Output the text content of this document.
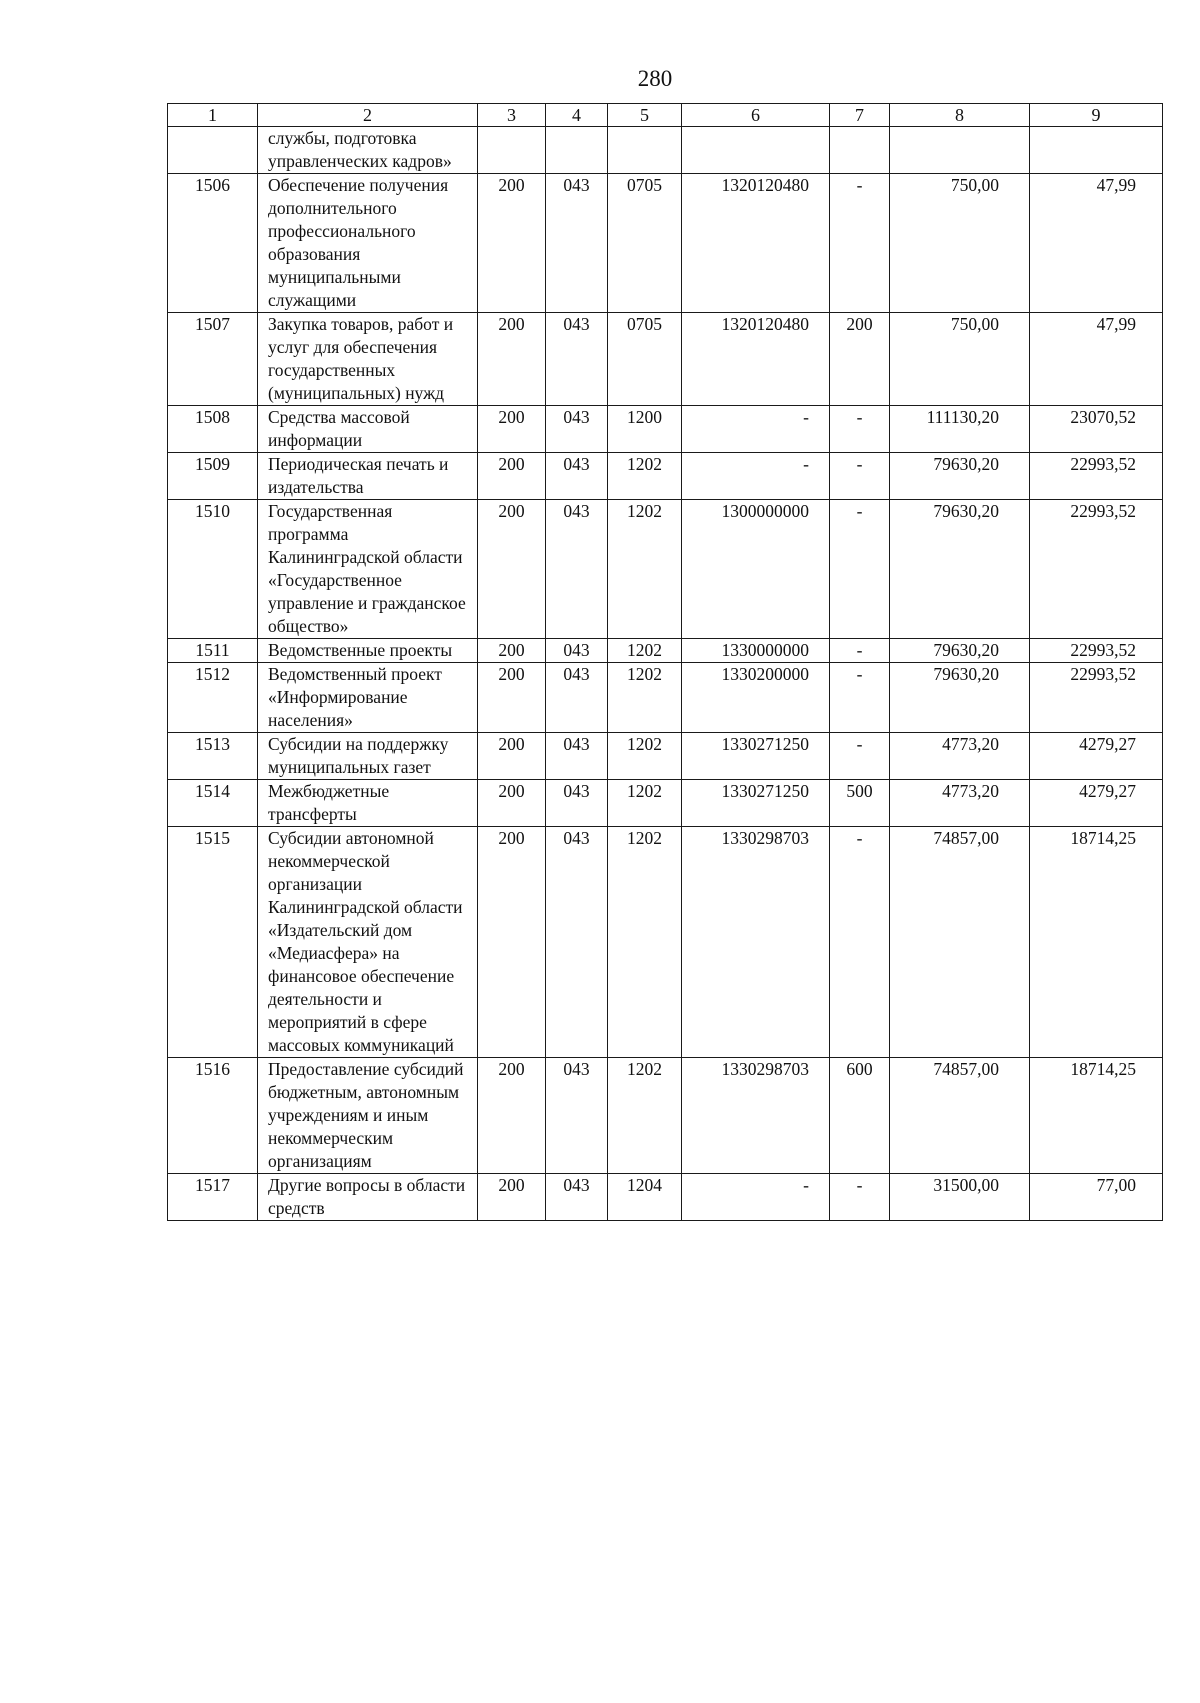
280
1	2	3	4	5	6	7	8	9
	службы, подготовка управленческих кадров»							
1506	Обеспечение получения дополнительного профессионального образования муниципальными служащими	200	043	0705	1320120480	-	750,00	47,99
1507	Закупка товаров, работ и услуг для обеспечения государственных (муниципальных) нужд	200	043	0705	1320120480	200	750,00	47,99
1508	Средства массовой информации	200	043	1200	-	-	111130,20	23070,52
1509	Периодическая печать и издательства	200	043	1202	-	-	79630,20	22993,52
1510	Государственная программа Калининградской области «Государственное управление и гражданское общество»	200	043	1202	1300000000	-	79630,20	22993,52
1511	Ведомственные проекты	200	043	1202	1330000000	-	79630,20	22993,52
1512	Ведомственный проект «Информирование населения»	200	043	1202	1330200000	-	79630,20	22993,52
1513	Субсидии на поддержку муниципальных газет	200	043	1202	1330271250	-	4773,20	4279,27
1514	Межбюджетные трансферты	200	043	1202	1330271250	500	4773,20	4279,27
1515	Субсидии автономной некоммерческой организации Калининградской области «Издательский дом «Медиасфера» на финансовое обеспечение деятельности и мероприятий в сфере массовых коммуникаций	200	043	1202	1330298703	-	74857,00	18714,25
1516	Предоставление субсидий бюджетным, автономным учреждениям и иным некоммерческим организациям	200	043	1202	1330298703	600	74857,00	18714,25
1517	Другие вопросы в области средств	200	043	1204	-	-	31500,00	77,00
